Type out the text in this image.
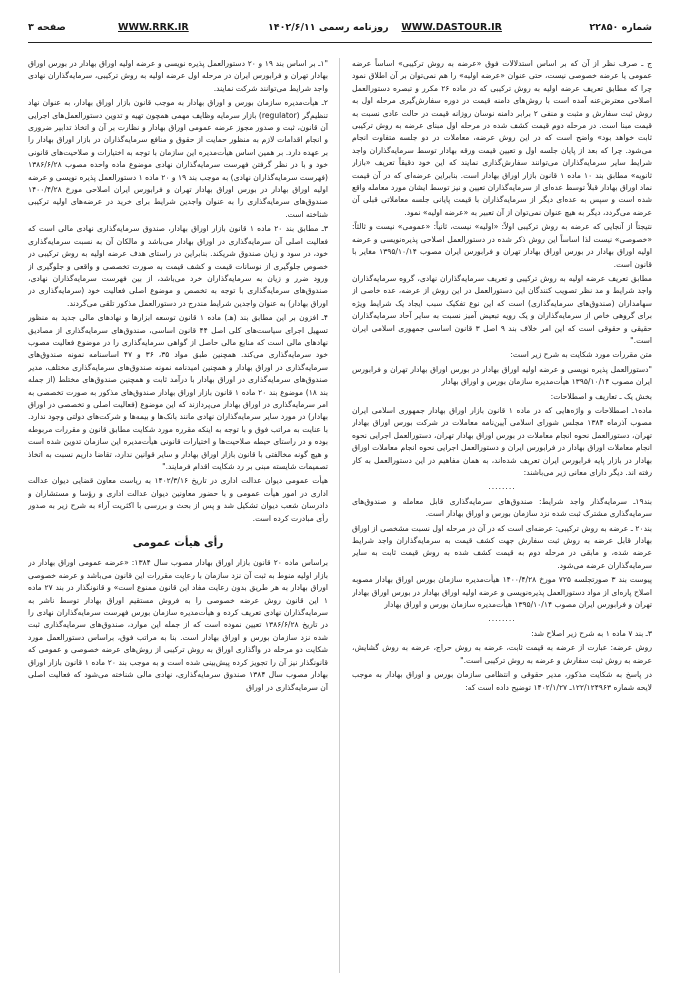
شماره ۲۲۸۵۰
WWW.DASTOUR.IR
روزنامه رسمی ۱۴۰۲/۶/۱۱
WWW.RRK.IR
صفحه ۳

ج ـ صرف نظر از آن که بر اساس استدلالات فوق «عرضه به روش ترکیبی» اساساً عرضه عمومی یا عرضه خصوصی نیست، حتی عنوان «عرضه اولیه» را هم نمی‌توان بر آن اطلاق نمود چرا که مطابق تعریف عرضه اولیه به روش ترکیبی که در ماده ۲۶ مکرر و تبصره دستورالعمل اصلاحی معترض‌عنه آمده است با روش‌های دامنه قیمت در دوره سفارش‌گیری مرحله اول به روش ثبت سفارش و مثبت و منفی ۲ برابر دامنه نوسان روزانه قیمت در حالت عادی نسبت به قیمت مبنا است. در مرحله دوم قیمت کشف شده در مرحله اول مبنای عرضه به روش ترکیبی ثابت خواهد بود» واضح است که در این روش عرضه، معاملات در دو جلسه متفاوت انجام می‌شود. چرا که بعد از پایان جلسه اول و تعیین قیمت ورقه بهادار توسط سرمایه‌گذاران واجد شرایط سایر سرمایه‌گذاران می‌توانند سفارش‌گذاری نمایند که این خود دقیقاً تعریف «بازار ثانویه» مطابق بند ۱۰ ماده ۱ قانون بازار اوراق بهادار است. بنابراین عرضه‌ای که در آن قیمت نماد اوراق بهادار قبلاً توسط عده‌ای از سرمایه‌گذاران تعیین و نیز توسط ایشان مورد معامله واقع شده است و سپس به عده‌ای دیگر از سرمایه‌گذاران با قیمت پایانی جلسه معاملاتی قبلی آن عرضه می‌گردد، دیگر به هیچ عنوان نمی‌توان از آن تعبیر به «عرضه اولیه» نمود.

نتیجتاً از آنجایی که عرضه به روش ترکیبی اولاً: «اولیه» نیست، ثانیاً: «عمومی» نیست و ثالثاً: «خصوصی» نیست لذا اساساً این روش ذکر شده در دستورالعمل اصلاحی پذیره‌نویسی و عرضه اولیه اوراق بهادار در بورس اوراق بهادار تهران و فرابورس ایران مصوب ۱۳۹۵/۱۰/۱۴ مغایر با قانون است.

مطابق تعریف عرضه اولیه به روش ترکیبی و تعریف سرمایه‌گذاران نهادی، گروه سرمایه‌گذاران واجد شرایط و مد نظر تصویب کنندگان این دستورالعمل در این روش از عرضه، عده خاصی از سهامداران (صندوق‌های سرمایه‌گذاری) است که این نوع تفکیک سبب ایجاد یک شرایط ویژه برای گروهی خاص از سرمایه‌گذاران و یک رویه تبعیض آمیز نسبت به سایر آحاد سرمایه‌گذاران حقیقی و حقوقی است که این امر خلاف بند ۹ اصل ۳ قانون اساسی جمهوری اسلامی ایران است."

متن مقررات مورد شکایت به شرح زیر است:

"دستورالعمل پذیره نویسی و عرضه اولیه اوراق بهادار در بورس اوراق بهادار تهران و فرابورس ایران مصوب ۱۳۹۵/۱۰/۱۴ هیأت‌مدیره سازمان بورس و اوراق بهادار

بخش یک ـ تعاریف و اصطلاحات:

ماده۱ـ اصطلاحات و واژه‌هایی که در ماده ۱ قانون بازار اوراق بهادار جمهوری اسلامی ایران مصوب آذرماه ۱۳۸۴ مجلس شورای اسلامی آیین‌نامه معاملات در شرکت بورس اوراق بهادار تهران، دستورالعمل نحوه انجام معاملات در بورس اوراق بهادار تهران، دستورالعمل اجرایی نحوه انجام معاملات اوراق بهادار در فرابورس ایران و دستورالعمل اجرایی نحوه انجام معاملات اوراق بهادار در بازار پایه فرابورس ایران تعریف شده‌اند، به همان مفاهیم در این دستورالعمل به کار رفته اند. دیگر دارای معانی زیر می‌باشند:

........

بند۱۹ـ سرمایه‌گذار واجد شرایط: صندوق‌های سرمایه‌گذاری قابل معامله و صندوق‌های سرمایه‌گذاری مشترک ثبت شده نزد سازمان بورس و اوراق بهادار است.

بند۲۰ ـ عرضه به روش ترکیبی: عرضه‌ای است که در آن در مرحله اول نسبت مشخصی از اوراق بهادار قابل عرضه به روش ثبت سفارش جهت کشف قیمت به سرمایه‌گذاران واجد شرایط عرضه شده، و مابقی در مرحله دوم به قیمت کشف شده به روش قیمت ثابت به سایر سرمایه‌گذاران عرضه می‌شود.

پیوست بند ۳ صورتجلسه ۷۲۵ مورخ ۱۴۰۰/۴/۲۸ هیأت‌مدیره سازمان بورس اوراق بهادار مصوبه اصلاح پاره‌ای از مواد دستورالعمل پذیره‌نویسی و عرضه اولیه اوراق بهادار در بورس اوراق بهادار تهران و فرابورس ایران مصوب ۱۳۹۵/۱۰/۱۴ هیأت‌مدیره سازمان بورس و اوراق بهادار

........

۳ـ بند ۷ ماده ۱ به شرح زیر اصلاح شد:

روش عرضه: عبارت از عرضه به قیمت ثابت، عرضه به روش حراج، عرضه به روش گشایش، عرضه به روش ثبت سفارش و عرضه به روش ترکیبی است."

در پاسخ به شکایت مذکور، مدیر حقوقی و انتظامی سازمان بورس و اوراق بهادار به موجب لایحه شماره ۱۲۲/۱۲۴۹۶۳ـ ۱۴۰۲/۱/۲۷ توضیح داده است که:

"۱ـ بر اساس بند ۱۹ و ۲۰ دستورالعمل پذیره نویسی و عرضه اولیه اوراق بهادار در بورس اوراق بهادار تهران و فرابورس ایران در مرحله اول عرضه اولیه به روش ترکیبی، سرمایه‌گذاران نهادی واجد شرایط می‌توانند شرکت نمایند.

۲ـ هیأت‌مدیره سازمان بورس و اوراق بهادار به موجب قانون بازار اوراق بهادار، به عنوان نهاد تنظیم‌گر (regulator) بازار سرمایه وظایف مهمی همچون تهیه و تدوین دستورالعمل‌های اجرایی آن قانون، ثبت و صدور مجوز عرضه عمومی اوراق بهادار و نظارت بر آن و اتخاذ تدابیر ضروری و انجام اقدامات لازم به منظور حمایت از حقوق و منافع سرمایه‌گذاران در بازار اوراق بهادار را بر عهده دارد. بر همین اساس هیأت‌مدیره این سازمان با توجه به اختیارات و صلاحیت‌های قانونی خود و با در نظر گرفتن فهرست سرمایه‌گذاران نهادی موضوع ماده واحده مصوب ۱۳۸۶/۶/۲۸ (فهرست سرمایه‌گذاران نهادی) به موجب بند ۱۹ و ۲۰ ماده ۱ دستورالعمل پذیره نویسی و عرضه اولیه اوراق بهادار در بورس اوراق بهادار تهران و فرابورس ایران اصلاحی مورخ ۱۴۰۰/۴/۲۸ صندوق‌های سرمایه‌گذاری را به عنوان واجدین شرایط برای خرید در عرضه‌های اولیه ترکیبی شناخته است.

۳ـ مطابق بند ۲۰ ماده ۱ قانون بازار اوراق بهادار، صندوق سرمایه‌گذاری نهادی مالی است که فعالیت اصلی آن سرمایه‌گذاری در اوراق بهادار می‌باشد و مالکان آن به نسبت سرمایه‌گذاری خود، در سود و زیان صندوق شریکند. بنابراین در راستای هدف عرضه اولیه به روش ترکیبی در خصوص جلوگیری از نوسانات قیمت و کشف قیمت به صورت تخصصی و واقعی و جلوگیری از ورود ضرر و زیان به سرمایه‌گذاران خرد می‌باشد، از بین فهرست سرمایه‌گذاران نهادی، صندوق‌های سرمایه‌گذاری با توجه به تخصص و موضوع اصلی فعالیت خود (سرمایه‌گذاری در اوراق بهادار) به عنوان واجدین شرایط مندرج در دستورالعمل مذکور تلقی می‌گردند.

۴ـ افزون بر این مطابق بند (هـ) ماده ۱ قانون توسعه ابزارها و نهادهای مالی جدید به منظور تسهیل اجرای سیاست‌های کلی اصل ۴۴ قانون اساسی، صندوق‌های سرمایه‌گذاری از مصادیق نهادهای مالی است که منابع مالی حاصل از گواهی سرمایه‌گذاری را در موضوع فعالیت مصوب خود سرمایه‌گذاری می‌کند. همچنین طبق مواد ۳۵، ۳۶ و ۴۷ اساسنامه نمونه صندوق‌های سرمایه‌گذاری در اوراق بهادار و همچنین امیدنامه نمونه صندوق‌های سرمایه‌گذاری مختلف، مدیر صندوق‌های سرمایه‌گذاری در اوراق بهادار با درآمد ثابت و همچنین صندوق‌های مختلط (از جمله بند ۱۸) موضوع بند ۲۰ ماده ۱ قانون بازار اوراق بهادار صندوق‌های مذکور به صورت تخصصی به امر سرمایه‌گذاری در اوراق بهادار می‌پردازند که این موضوع (فعالیت اصلی و تخصصی در اوراق بهادار) در مورد سایر سرمایه‌گذاران نهادی مانند بانک‌ها و بیمه‌ها و شرکت‌های دولتی وجود ندارد. با عنایت به مراتب فوق و با توجه به اینکه مقرره مورد شکایت مطابق قانون و مقررات مربوطه بوده و در راستای حیطه صلاحیت‌ها و اختیارات قانونی هیأت‌مدیره این سازمان تدوین شده است و هیچ گونه مخالفتی با قانون بازار اوراق بهادار و سایر قوانین ندارد، تقاضا داریم نسبت به اتخاذ تصمیمات شایسته مبنی بر رد شکایت اقدام فرمایند."

هیأت عمومی دیوان عدالت اداری در تاریخ ۱۴۰۲/۳/۱۶ به ریاست معاون قضایی دیوان عدالت اداری در امور هیأت عمومی و با حضور معاونین دیوان عدالت اداری و رؤسا و مستشاران و دادرسان شعب دیوان تشکیل شد و پس از بحث و بررسی با اکثریت آراء به شرح زیر به صدور رأی مبادرت کرده است.

رأی هیأت عمومی

براساس ماده ۲۰ قانون بازار اوراق بهادار مصوب سال ۱۳۸۴: «عرضه عمومی اوراق بهادار در بازار اولیه منوط به ثبت آن نزد سازمان با رعایت مقررات این قانون می‌باشد و عرضه خصوصی اوراق بهادار به هر طریق بدون رعایت مفاد این قانون ممنوع است» و قانونگذار در بند ۲۷ ماده ۱ این قانون روش عرضه خصوصی را به فروش مستقیم اوراق بهادار توسط ناشر به سرمایه‌گذاران نهادی تعریف کرده و هیأت‌مدیره سازمان بورس فهرست سرمایه‌گذاران نهادی را در تاریخ ۱۳۸۶/۶/۲۸ تعیین نموده است که از جمله این موارد، صندوق‌های سرمایه‌گذاری ثبت شده نزد سازمان بورس و اوراق بهادار است. بنا به مراتب فوق، براساس دستورالعمل مورد شکایت دو مرحله در واگذاری اوراق به روش ترکیبی از روش‌های عرضه خصوصی و عمومی که قانونگذار نیز آن را تجویز کرده پیش‌بینی شده است و به موجب بند ۲۰ ماده ۱ قانون بازار اوراق بهادار مصوب سال ۱۳۸۴ صندوق سرمایه‌گذاری، نهادی مالی شناخته می‌شود که فعالیت اصلی آن سرمایه‌گذاری در اوراق
